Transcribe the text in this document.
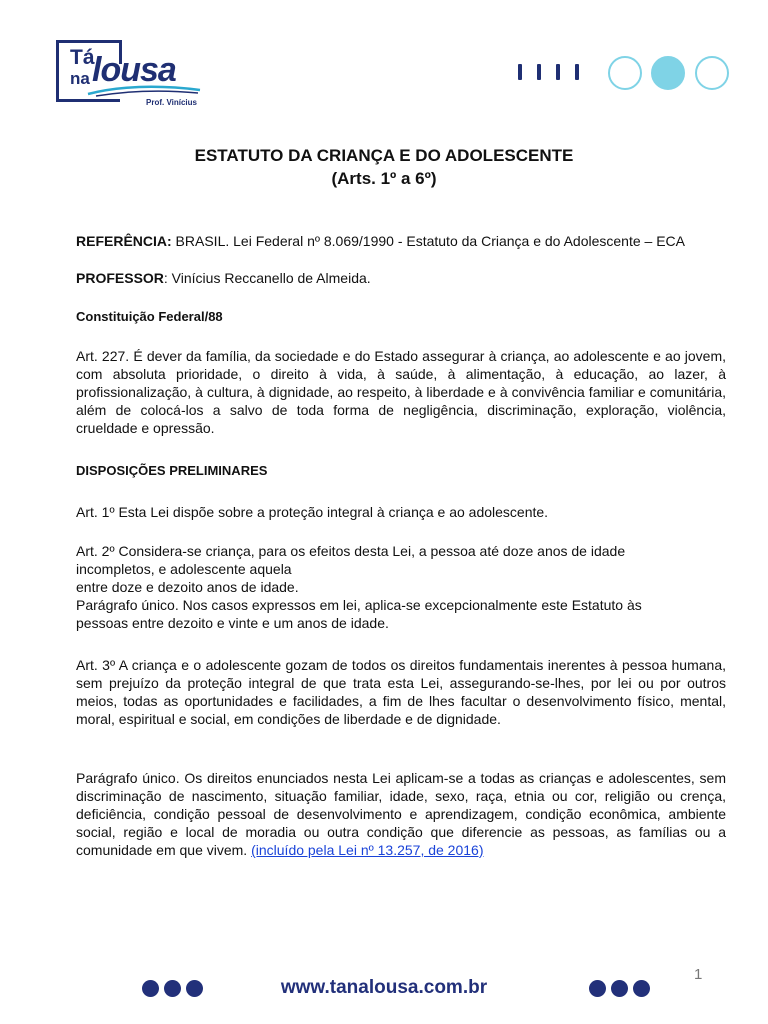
Tá
na lousa
Prof. Vinícius
ESTATUTO DA CRIANÇA E DO ADOLESCENTE
(Arts. 1º a 6º)
REFERÊNCIA: BRASIL. Lei Federal nº 8.069/1990 - Estatuto da Criança e do Adolescente – ECA
PROFESSOR: Vinícius Reccanello de Almeida.
Constituição Federal/88
Art. 227. É dever da família, da sociedade e do Estado assegurar à criança, ao adolescente e ao jovem, com absoluta prioridade, o direito à vida, à saúde, à alimentação, à educação, ao lazer, à profissionalização, à cultura, à dignidade, ao respeito, à liberdade e à convivência familiar e comunitária, além de colocá-los a salvo de toda forma de negligência, discriminação, exploração, violência, crueldade e opressão.
DISPOSIÇÕES PRELIMINARES
Art. 1º Esta Lei dispõe sobre a proteção integral à criança e ao adolescente.
Art. 2º Considera-se criança, para os efeitos desta Lei, a pessoa até doze anos de idade
incompletos, e adolescente aquela
entre doze e dezoito anos de idade.
Parágrafo único. Nos casos expressos em lei, aplica-se excepcionalmente este Estatuto às
pessoas entre dezoito e vinte e um anos de idade.
Art. 3º A criança e o adolescente gozam de todos os direitos fundamentais inerentes à pessoa humana, sem prejuízo da proteção integral de que trata esta Lei, assegurando-se-lhes, por lei ou por outros meios, todas as oportunidades e facilidades, a fim de lhes facultar o desenvolvimento físico, mental, moral, espiritual e social, em condições de liberdade e de dignidade.
Parágrafo único. Os direitos enunciados nesta Lei aplicam-se a todas as crianças e adolescentes, sem discriminação de nascimento, situação familiar, idade, sexo, raça, etnia ou cor, religião ou crença, deficiência, condição pessoal de desenvolvimento e aprendizagem, condição econômica, ambiente social, região e local de moradia ou outra condição que diferencie as pessoas, as famílias ou a comunidade em que vivem. (incluído pela Lei nº 13.257, de 2016)
www.tanalousa.com.br
1
